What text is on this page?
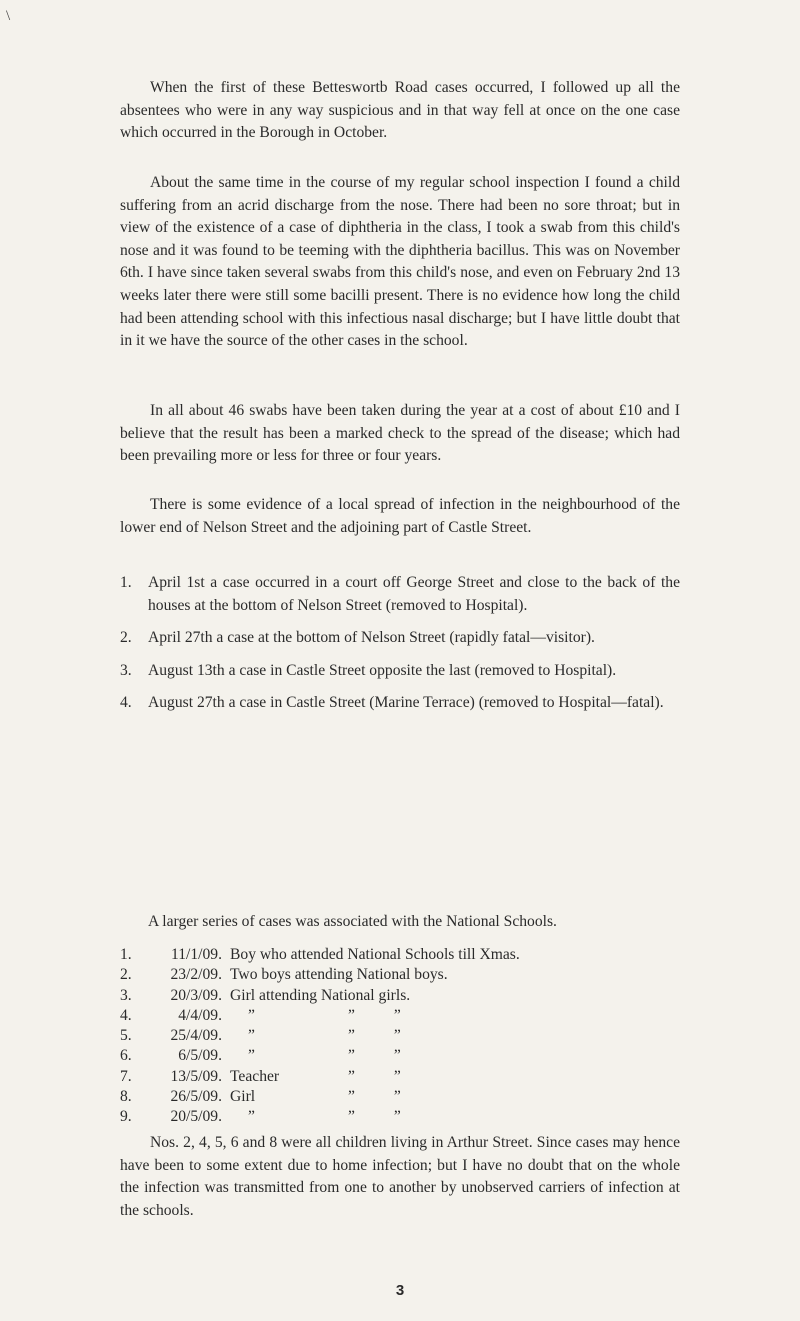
\

When the first of these Betteswortb Road cases occurred, I followed up all the absentees who were in any way suspicious and in that way fell at once on the one case which occurred in the Borough in October.

About the same time in the course of my regular school inspection I found a child suffering from an acrid discharge from the nose. There had been no sore throat; but in view of the existence of a case of diphtheria in the class, I took a swab from this child's nose and it was found to be teeming with the diphtheria bacillus. This was on November 6th. I have since taken several swabs from this child's nose, and even on February 2nd 13 weeks later there were still some bacilli present. There is no evidence how long the child had been attending school with this infectious nasal discharge; but I have little doubt that in it we have the source of the other cases in the school.

In all about 46 swabs have been taken during the year at a cost of about £10 and I believe that the result has been a marked check to the spread of the disease; which had been prevailing more or less for three or four years.

There is some evidence of a local spread of infection in the neighbourhood of the lower end of Nelson Street and the adjoining part of Castle Street.

1.	April 1st a case occurred in a court off George Street and close to the back of the houses at the bottom of Nelson Street (removed to Hospital).
2.	April 27th a case at the bottom of Nelson Street (rapidly fatal—visitor).
3.	August 13th a case in Castle Street opposite the last (removed to Hospital).
4.	August 27th a case in Castle Street (Marine Terrace) (removed to Hospital—fatal).
A larger series of cases was associated with the National Schools.
1.	11/1/09. Boy who attended National Schools till Xmas.
2.	23/2/09. Two boys attending National boys.
3.	20/3/09. Girl attending National girls.
4.	4/4/09.	”	”          ”
5.	25/4/09.	”	”          ”
6.	6/5/09.	”	”          ”
7.	13/5/09. Teacher	”          ”
8.	26/5/09. Girl	”          ”
9.	20/5/09.	”	”          ”

Nos. 2, 4, 5, 6 and 8 were all children living in Arthur Street. Since cases may hence have been to some extent due to home infection; but I have no doubt that on the whole the infection was transmitted from one to another by unobserved carriers of infection at the schools.

3
